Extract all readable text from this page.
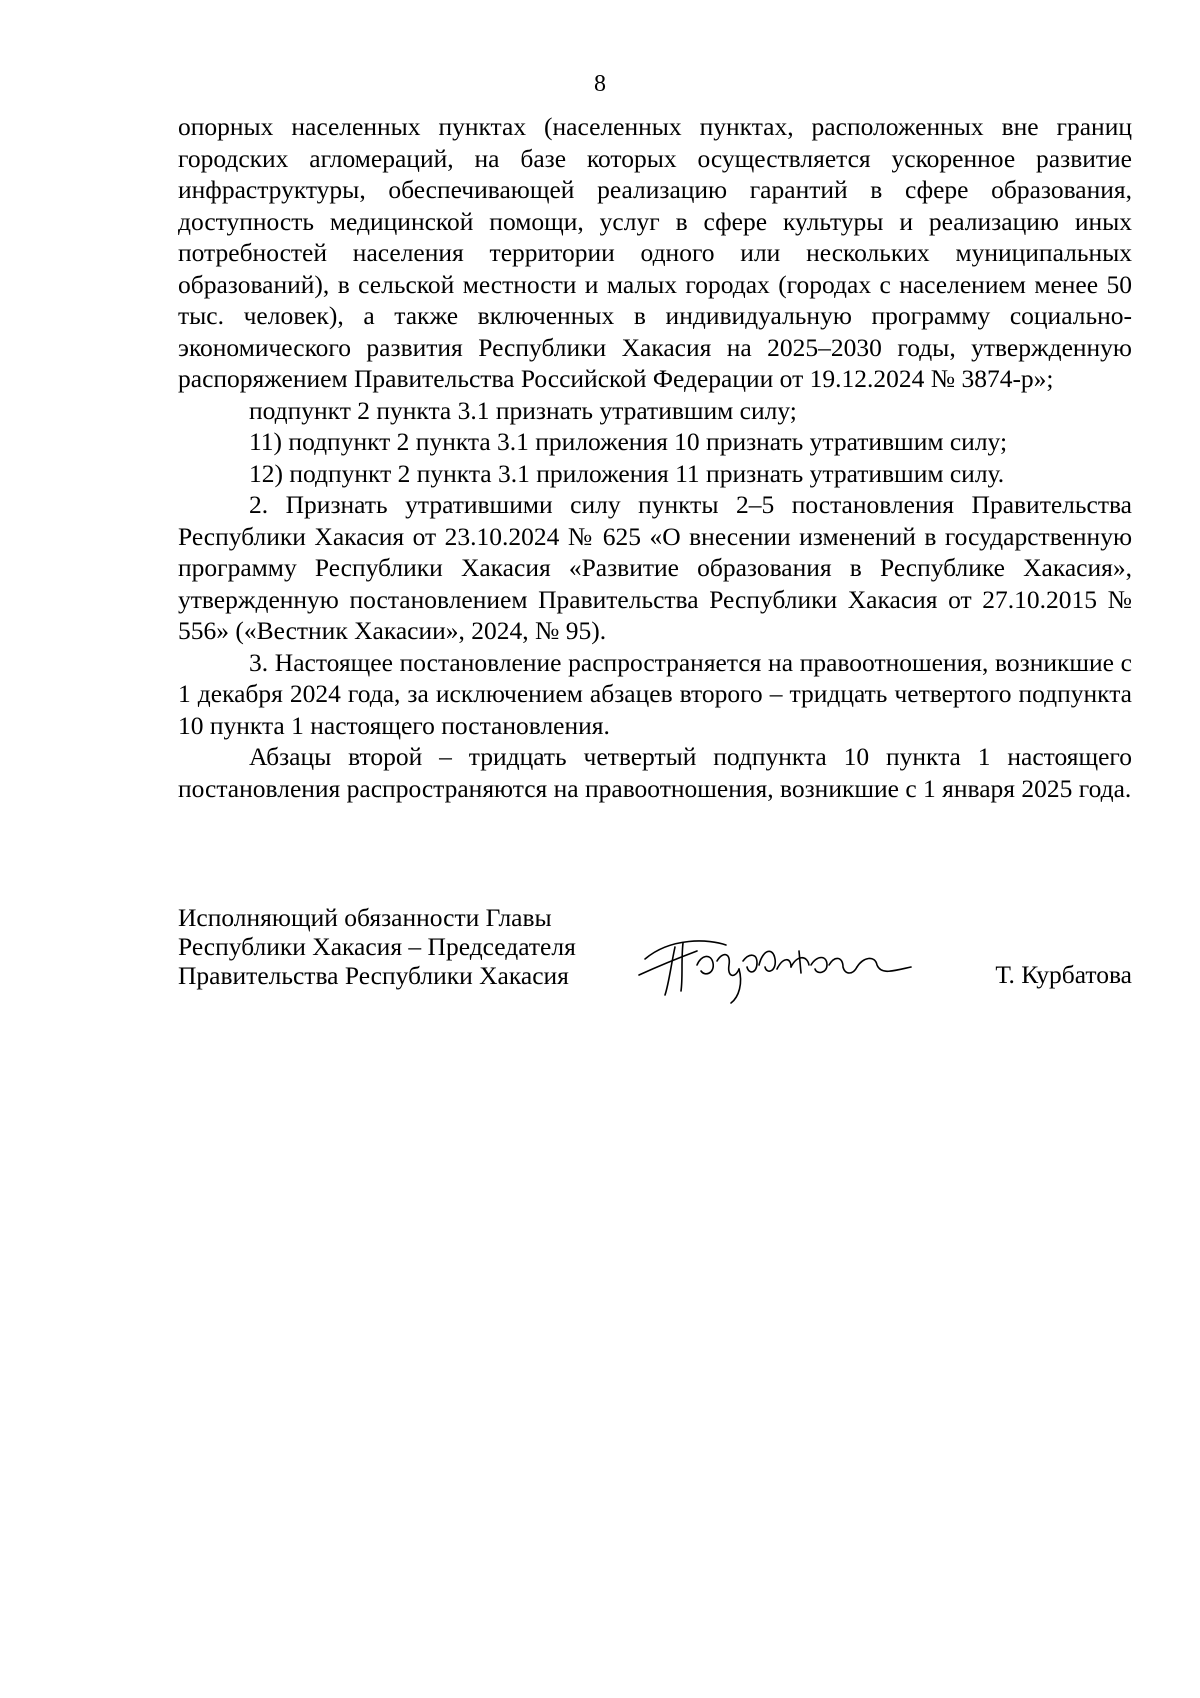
8

опорных населенных пунктах (населенных пунктах, расположенных вне границ городских агломераций, на базе которых осуществляется ускоренное развитие инфраструктуры, обеспечивающей реализацию гарантий в сфере образования, доступность медицинской помощи, услуг в сфере культуры и реализацию иных потребностей населения территории одного или нескольких муниципальных образований), в сельской местности и малых городах (городах с населением менее 50 тыс. человек), а также включенных в индивидуальную программу социально-экономического развития Республики Хакасия на 2025–2030 годы, утвержденную распоряжением Правительства Российской Федерации от 19.12.2024 № 3874-р»;

подпункт 2 пункта 3.1 признать утратившим силу;

11) подпункт 2 пункта 3.1 приложения 10 признать утратившим силу;

12) подпункт 2 пункта 3.1 приложения 11 признать утратившим силу.

2. Признать утратившими силу пункты 2–5 постановления Правительства Республики Хакасия от 23.10.2024 № 625 «О внесении изменений в государственную программу Республики Хакасия «Развитие образования в Республике Хакасия», утвержденную постановлением Правительства Республики Хакасия от 27.10.2015 № 556» («Вестник Хакасии», 2024, № 95).

3. Настоящее постановление распространяется на правоотношения, возникшие с 1 декабря 2024 года, за исключением абзацев второго – тридцать четвертого подпункта 10 пункта 1 настоящего постановления.

Абзацы второй – тридцать четвертый подпункта 10 пункта 1 настоящего постановления распространяются на правоотношения, возникшие с 1 января 2025 года.

Исполняющий обязанности Главы
Республики Хакасия – Председателя
Правительства Республики Хакасия	Т. Курбатова
